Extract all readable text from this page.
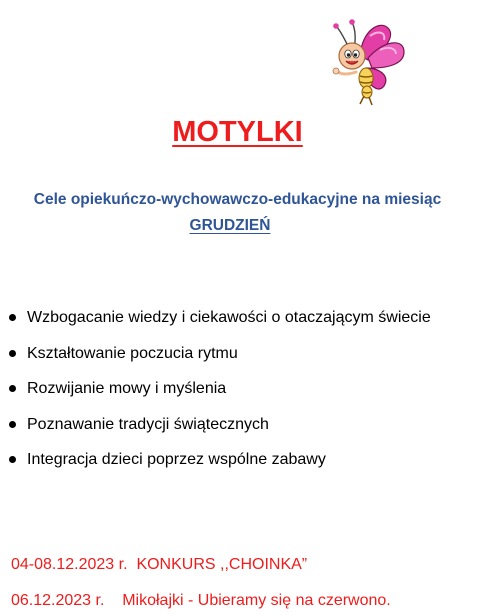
MOTYLKI
Cele opiekuńczo-wychowawczo-edukacyjne na miesiąc
GRUDZIEŃ
Wzbogacanie wiedzy i ciekawości o otaczającym świecie
Kształtowanie poczucia rytmu
Rozwijanie mowy i myślenia
Poznawanie tradycji świątecznych
Integracja dzieci poprzez wspólne zabawy
04-08.12.2023 r. KONKURS ,,CHOINKA”
06.12.2023 r. Mikołajki - Ubieramy się na czerwono.
